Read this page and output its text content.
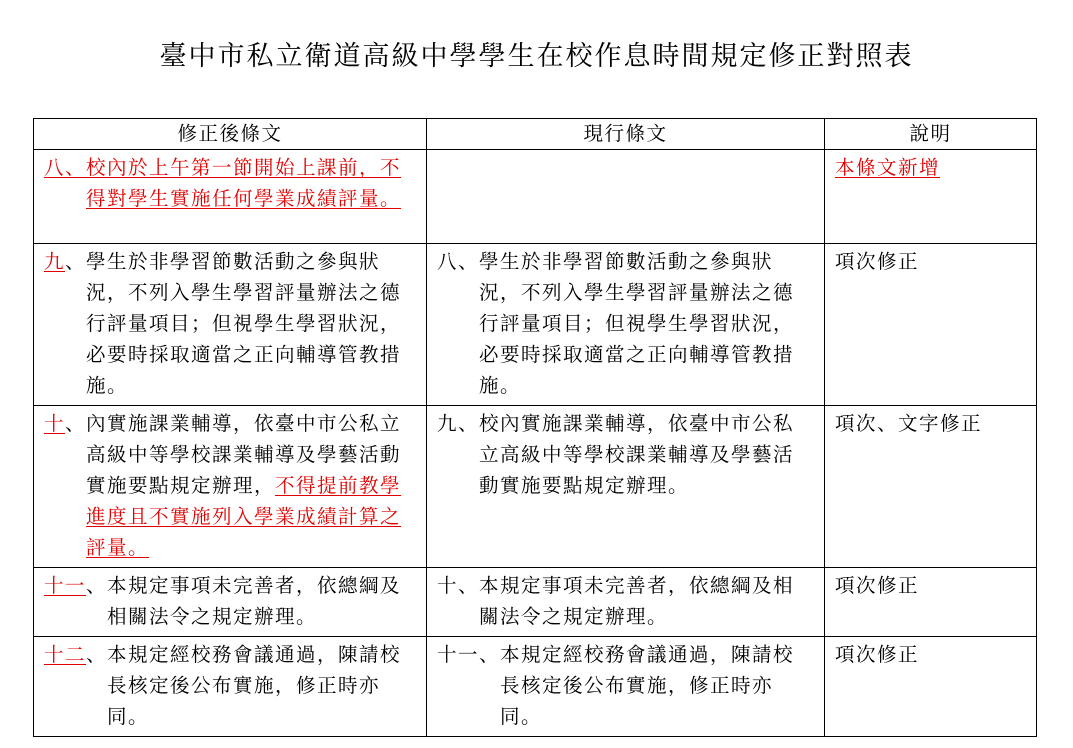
臺中市私立衛道高級中學學生在校作息時間規定修正對照表
修正後條文	現行條文	說明

八、 校內於上午第一節開始上課前，不得對學生實施任何學業成績評量。		本條文新增

九、 學生於非學習節數活動之參與狀況，不列入學生學習評量辦法之德行評量項目；但視學生學習狀況，必要時採取適當之正向輔導管教措施。	八、 學生於非學習節數活動之參與狀況，不列入學生學習評量辦法之德行評量項目；但視學生學習狀況，必要時採取適當之正向輔導管教措施。	項次修正

十、 內實施課業輔導，依臺中市公私立高級中等學校課業輔導及學藝活動實施要點規定辦理，不得提前教學進度且不實施列入學業成績計算之評量。	九、 校內實施課業輔導，依臺中市公私立高級中等學校課業輔導及學藝活動實施要點規定辦理。	項次、文字修正

十一、 本規定事項未完善者，依總綱及相關法令之規定辦理。	十、 本規定事項未完善者，依總綱及相關法令之規定辦理。	項次修正

十二、 本規定經校務會議通過，陳請校長核定後公布實施，修正時亦同。	十一、 本規定經校務會議通過，陳請校長核定後公布實施，修正時亦同。	項次修正
